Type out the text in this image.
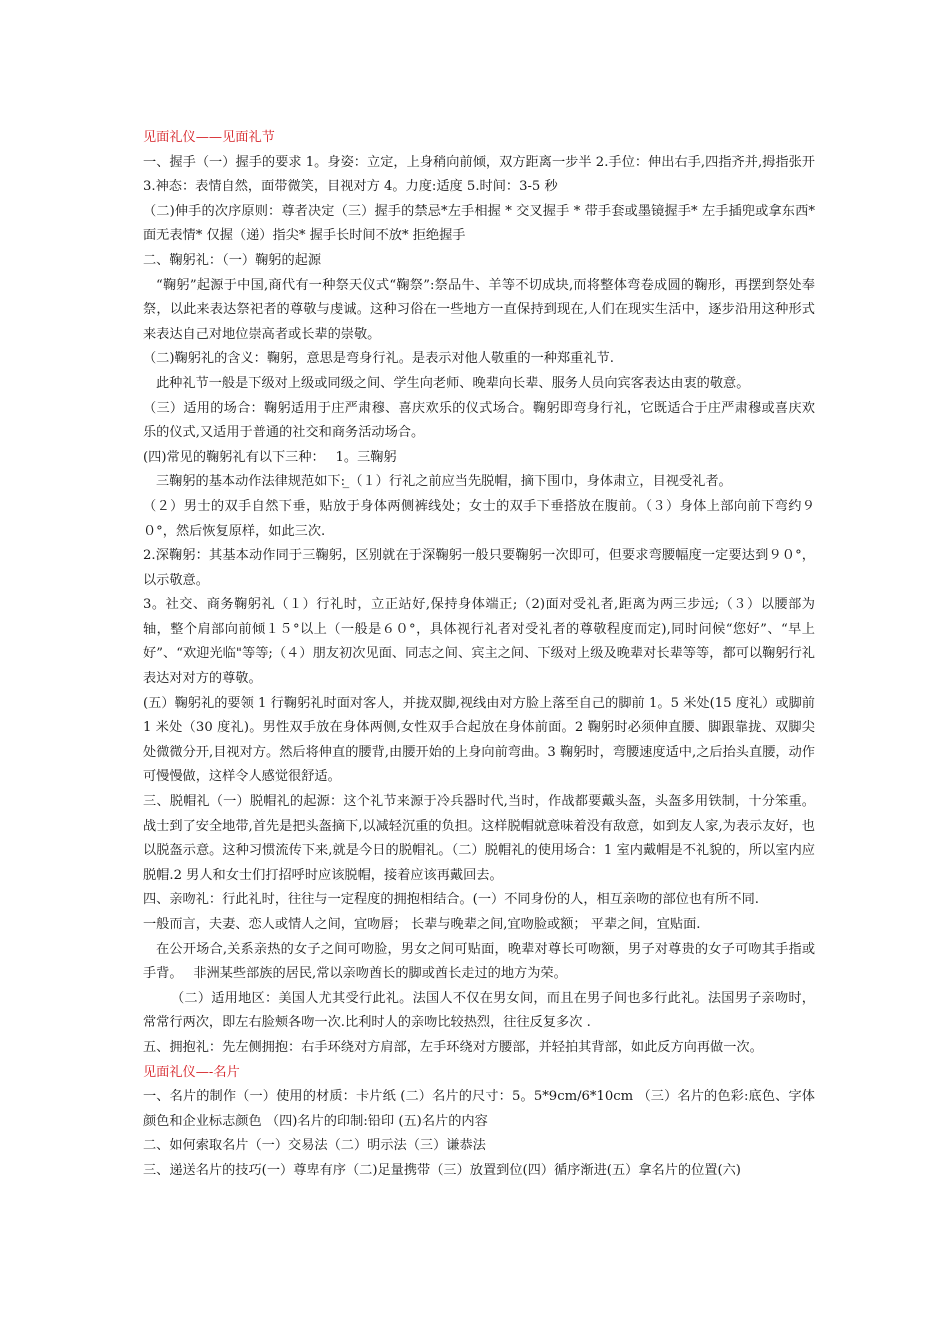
见面礼仪——见面礼节

一、握手（一）握手的要求 1。身姿：立定，上身稍向前倾，双方距离一步半 2.手位：伸出右手,四指齐并,拇指张开 3.神态：表情自然，面带微笑，目视对方 4。力度:适度 5.时间：3-5 秒

（二)伸手的次序原则：尊者决定（三）握手的禁忌*左手相握 * 交叉握手 * 带手套或墨镜握手* 左手插兜或拿东西* 面无表情* 仅握（递）指尖* 握手长时间不放* 拒绝握手

二、鞠躬礼：（一）鞠躬的起源

“鞠躬”起源于中国,商代有一种祭天仪式“鞠祭”:祭品牛、羊等不切成块,而将整体弯卷成圆的鞠形，再摆到祭处奉祭，以此来表达祭祀者的尊敬与虔诚。这种习俗在一些地方一直保持到现在,人们在现实生活中，逐步沿用这种形式来表达自己对地位崇高者或长辈的崇敬。

（二)鞠躬礼的含义：鞠躬，意思是弯身行礼。是表示对他人敬重的一种郑重礼节.

此种礼节一般是下级对上级或同级之间、学生向老师、晚辈向长辈、服务人员向宾客表达由衷的敬意。

（三）适用的场合：鞠躬适用于庄严肃穆、喜庆欢乐的仪式场合。鞠躬即弯身行礼，它既适合于庄严肃穆或喜庆欢乐的仪式,又适用于普通的社交和商务活动场合。

(四)常见的鞠躬礼有以下三种：　 1。三鞠躬

三鞠躬的基本动作法律规范如下: ̲（１）行礼之前应当先脱帽，摘下围巾，身体肃立，目视受礼者。

（２）男士的双手自然下垂，贴放于身体两侧裤线处；女士的双手下垂搭放在腹前。（３）身体上部向前下弯约９０°，然后恢复原样，如此三次.

2.深鞠躬：其基本动作同于三鞠躬，区别就在于深鞠躬一般只要鞠躬一次即可，但要求弯腰幅度一定要达到９０°，以示敬意。

3。社交、商务鞠躬礼（１）行礼时，立正站好,保持身体端正;（2)面对受礼者,距离为两三步远;（３）以腰部为轴，整个肩部向前倾１５°以上（一般是６０°，具体视行礼者对受礼者的尊敬程度而定),同时问候“您好”、“早上好”、“欢迎光临"等等;（４）朋友初次见面、同志之间、宾主之间、下级对上级及晚辈对长辈等等，都可以鞠躬行礼表达对对方的尊敬。

(五）鞠躬礼的要领 1 行鞠躬礼时面对客人，并拢双脚,视线由对方脸上落至自己的脚前 1。5 米处(15 度礼）或脚前 1 米处（30 度礼)。男性双手放在身体两侧,女性双手合起放在身体前面。2 鞠躬时必须伸直腰、脚跟靠拢、双脚尖处微微分开,目视对方。然后将伸直的腰背,由腰开始的上身向前弯曲。3 鞠躬时，弯腰速度适中,之后抬头直腰，动作可慢慢做，这样令人感觉很舒适。

三、脱帽礼（一）脱帽礼的起源：这个礼节来源于冷兵器时代,当时，作战都要戴头盔，头盔多用铁制，十分笨重。战士到了安全地带,首先是把头盔摘下,以减轻沉重的负担。这样脱帽就意味着没有敌意，如到友人家,为表示友好，也以脱盔示意。这种习惯流传下来,就是今日的脱帽礼。（二）脱帽礼的使用场合：1 室内戴帽是不礼貌的，所以室内应脱帽.2 男人和女士们打招呼时应该脱帽，接着应该再戴回去。

四、亲吻礼：行此礼时，往往与一定程度的拥抱相结合。(一）不同身份的人，相互亲吻的部位也有所不同.

一般而言，夫妻、恋人或情人之间，宜吻唇； 长辈与晚辈之间,宜吻脸或额； 平辈之间，宜贴面.

在公开场合,关系亲热的女子之间可吻脸，男女之间可贴面，晚辈对尊长可吻额，男子对尊贵的女子可吻其手指或手背。　 非洲某些部族的居民,常以亲吻酋长的脚或酋长走过的地方为荣。

（二）适用地区：美国人尤其受行此礼。法国人不仅在男女间，而且在男子间也多行此礼。法国男子亲吻时，常常行两次，即左右脸颊各吻一次.比利时人的亲吻比较热烈，往往反复多次 .

五、拥抱礼：先左侧拥抱：右手环绕对方肩部，左手环绕对方腰部，并轻拍其背部，如此反方向再做一次。

见面礼仪—-名片

一、名片的制作（一）使用的材质：卡片纸 (二）名片的尺寸：5。5*9cm/6*10cm （三）名片的色彩:底色、字体颜色和企业标志颜色 （四)名片的印制:铅印 (五)名片的内容

二、如何索取名片（一）交易法（二）明示法（三）谦恭法

三、递送名片的技巧(一）尊卑有序（二)足量携带（三）放置到位(四）循序渐进(五）拿名片的位置(六)
